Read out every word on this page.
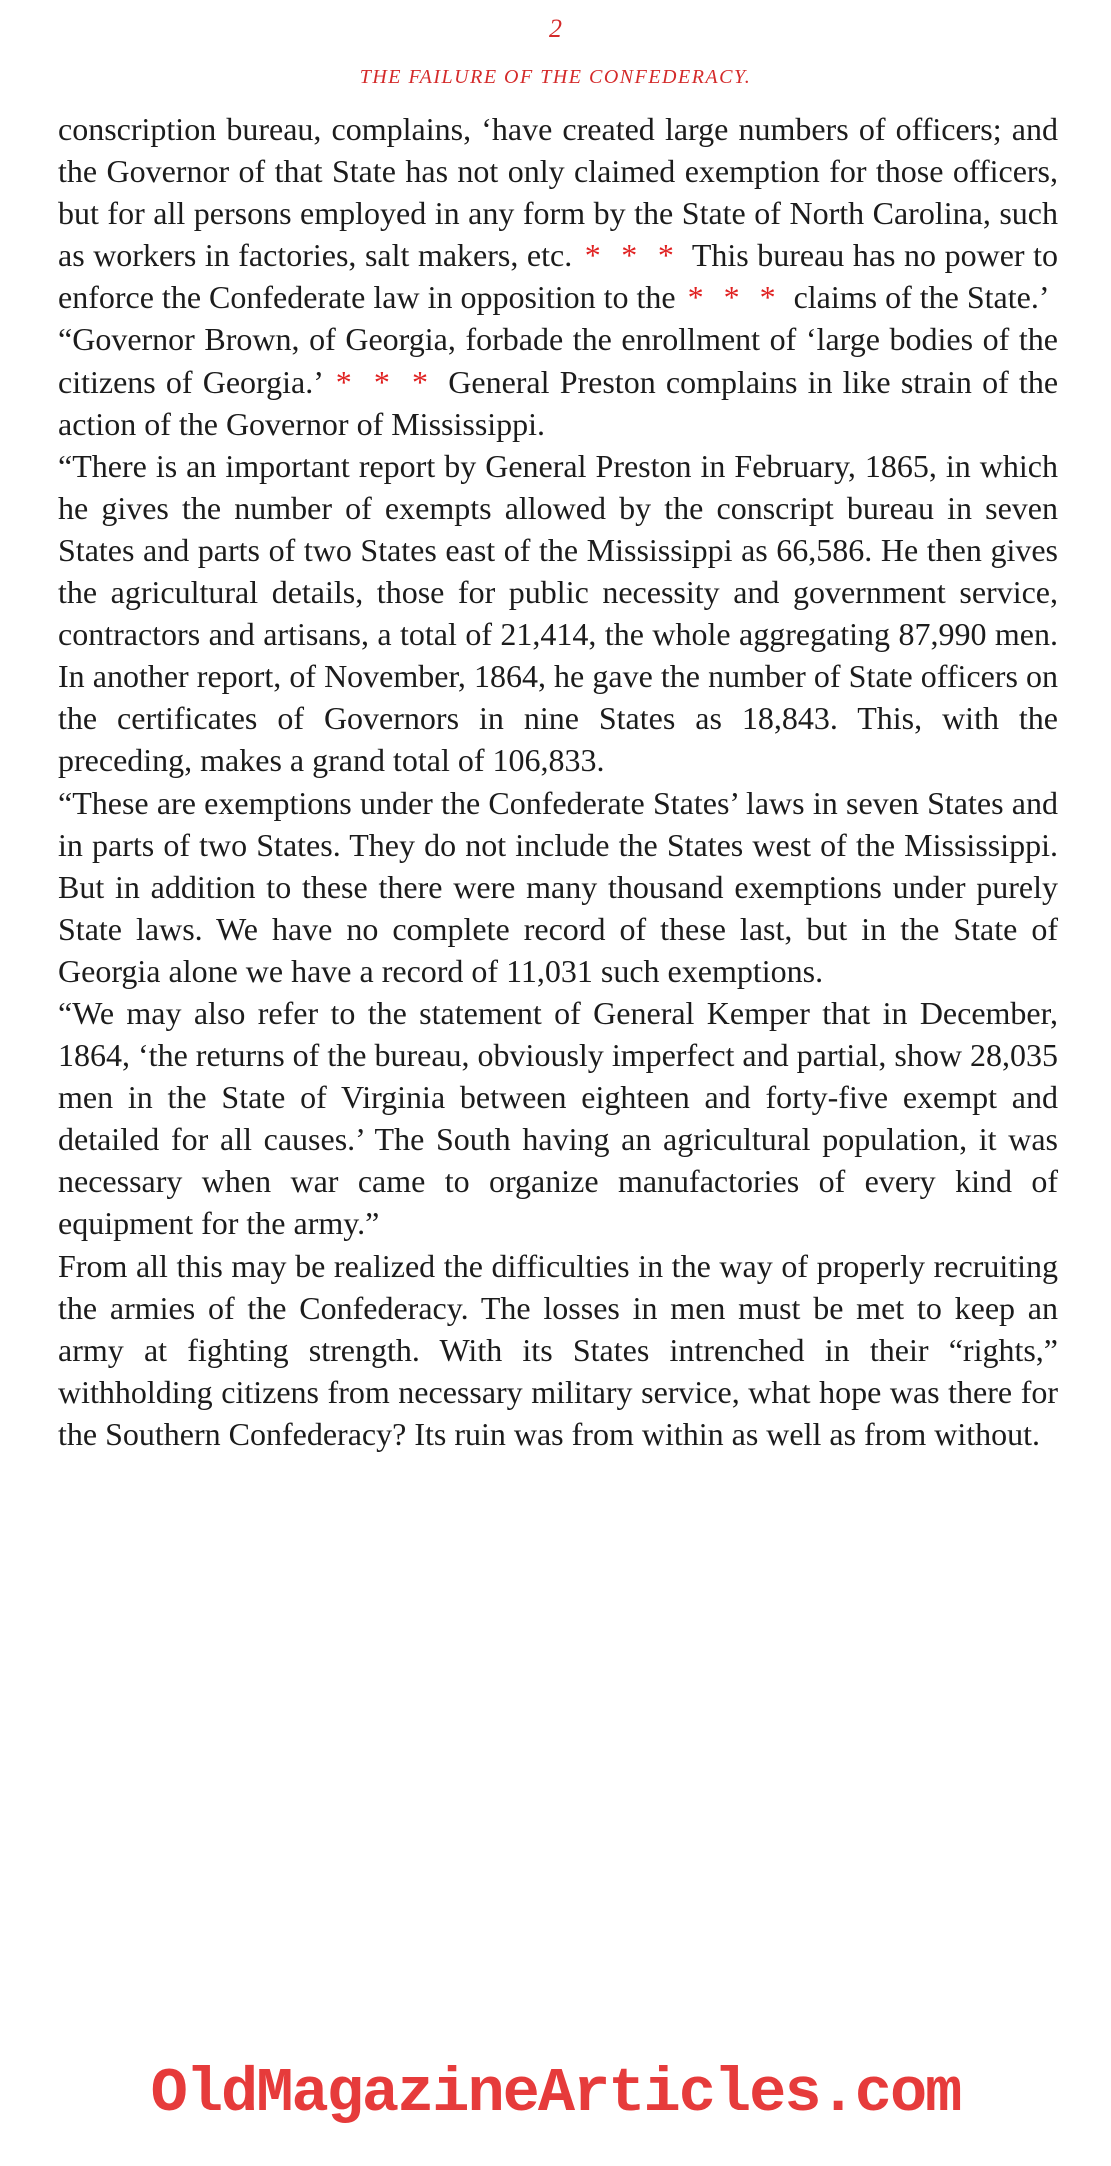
2
THE FAILURE OF THE CONFEDERACY.

conscription bureau, complains, ‘have created large numbers of officers; and the Governor of that State has not only claimed exemption for those officers, but for all persons employed in any form by the State of North Carolina, such as workers in factories, salt makers, etc. * * * This bureau has no power to enforce the Confederate law in opposition to the * * * claims of the State.’

“Governor Brown, of Georgia, forbade the enrollment of ‘large bodies of the citizens of Georgia.’ * * * General Preston complains in like strain of the action of the Governor of Mississippi.

“There is an important report by General Preston in February, 1865, in which he gives the number of exempts allowed by the conscript bureau in seven States and parts of two States east of the Mississippi as 66,586. He then gives the agricultural details, those for public necessity and government service, contractors and artisans, a total of 21,414, the whole aggregating 87,990 men. In another report, of November, 1864, he gave the number of State officers on the certificates of Governors in nine States as 18,843. This, with the preceding, makes a grand total of 106,833.

“These are exemptions under the Confederate States’ laws in seven States and in parts of two States. They do not include the States west of the Mississippi. But in addition to these there were many thousand exemptions under purely State laws. We have no complete record of these last, but in the State of Georgia alone we have a record of 11,031 such exemptions.

“We may also refer to the statement of General Kemper that in December, 1864, ‘the returns of the bureau, obviously imperfect and partial, show 28,035 men in the State of Virginia between eighteen and forty-five exempt and detailed for all causes.’ The South having an agricultural population, it was necessary when war came to organize manufactories of every kind of equipment for the army.”

From all this may be realized the difficulties in the way of properly recruiting the armies of the Confederacy. The losses in men must be met to keep an army at fighting strength. With its States intrenched in their “rights,” withholding citizens from necessary military service, what hope was there for the Southern Confederacy? Its ruin was from within as well as from without.

OldMagazineArticles.com
